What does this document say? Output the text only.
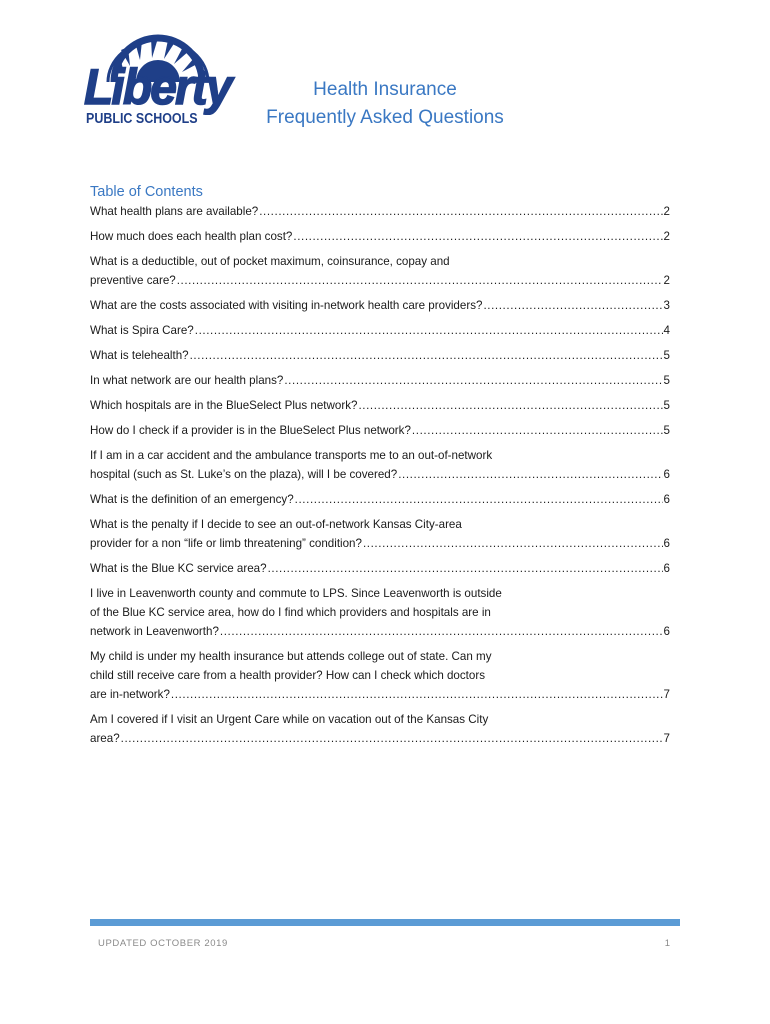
Liberty
PUBLIC SCHOOLS
Health Insurance
Frequently Asked Questions
Table of Contents
What health plans are available? .....	2
How much does each health plan cost? .....	2
What is a deductible, out of pocket maximum, coinsurance, copay and
preventive care? .....	2
What are the costs associated with visiting in-network health care providers? .....	3
What is Spira Care? .....	4
What is telehealth? .....	5
In what network are our health plans? .....	5
Which hospitals are in the BlueSelect Plus network? .....	5
How do I check if a provider is in the BlueSelect Plus network? .....	5
If I am in a car accident and the ambulance transports me to an out-of-network
hospital (such as St. Luke’s on the plaza), will I be covered? .....	6
What is the definition of an emergency? .....	6
What is the penalty if I decide to see an out-of-network Kansas City-area
provider for a non “life or limb threatening” condition? .....	6
What is the Blue KC service area? .....	6
I live in Leavenworth county and commute to LPS. Since Leavenworth is outside
of the Blue KC service area, how do I find which providers and hospitals are in
network in Leavenworth? .....	6
My child is under my health insurance but attends college out of state. Can my
child still receive care from a health provider? How can I check which doctors
are in-network? .....	7
Am I covered if I visit an Urgent Care while on vacation out of the Kansas City
area? .....	7
UPDATED OCTOBER 2019	1
